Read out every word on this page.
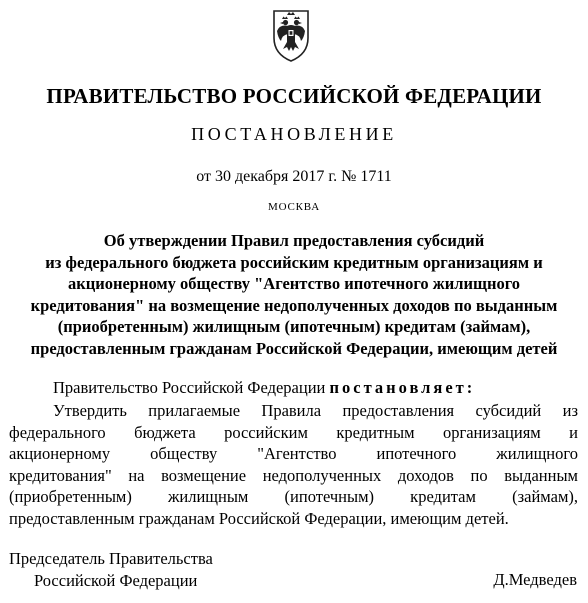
ПРАВИТЕЛЬСТВО РОССИЙСКОЙ ФЕДЕРАЦИИ
ПОСТАНОВЛЕНИЕ
от 30 декабря 2017 г. № 1711
МОСКВА
Об утверждении Правил предоставления субсидий
из федерального бюджета российским кредитным организациям и
акционерному обществу "Агентство ипотечного жилищного
кредитования" на возмещение недополученных доходов по выданным
(приобретенным) жилищным (ипотечным) кредитам (займам),
предоставленным гражданам Российской Федерации, имеющим детей
Правительство Российской Федерации постановляет:
Утвердить прилагаемые Правила предоставления субсидий из
федерального бюджета российским кредитным организациям и
акционерному обществу "Агентство ипотечного жилищного
кредитования" на возмещение недополученных доходов по выданным
(приобретенным) жилищным (ипотечным) кредитам (займам),
предоставленным гражданам Российской Федерации, имеющим детей.
Председатель Правительства
Российской Федерации	Д.Медведев
